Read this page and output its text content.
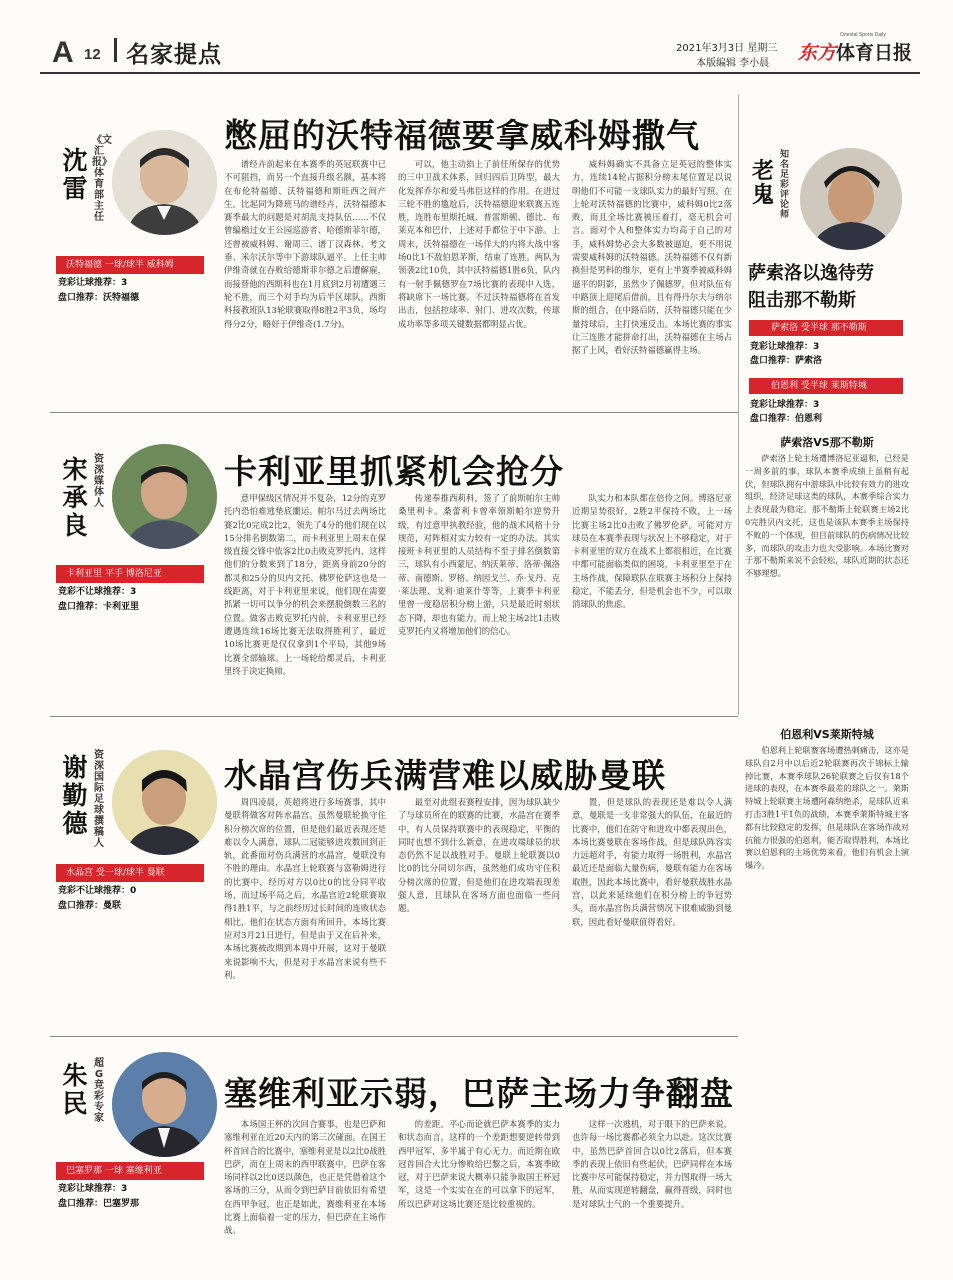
A 12 名家提点	2021年3月3日 星期三
本版编辑 李小晨 东方体育日报
Oriental Sports Daily
沈雷
《文汇报》体育部主任
沃特福德 一球/球半 威科姆
竞彩让球推荐：3
盘口推荐：沃特福德
憋屈的沃特福德要拿威科姆撒气

谱经卉前起来在本赛季的英冠联赛中已不可阻挡，而另一个直接升级名额，基本将在布伦特福德、沃特福德和斯旺西之间产生。比起同为降班马的谱经卉，沃特福德本赛季最大的问题是对胡乱支持队伍……不仅曾编檐过女王公园巡游者、哈德斯菲尔德，还曾被威科姆、谢周三、谱丁汉森林、考文垂、米尔沃尔等中下游球队逼平。上任主帅伊维奇就在吞败给德斯菲尔德之后遭解雇，而接替他的西斯科也在1月底到2月初遭遇三轮不胜，而三个对手均为后半区球队。西斯科接教班队13轮联赛取得8胜2平3负，场均得分2分，略好于伊维奇(1.7分)。

可以，他主动掐上了前任所保存的优势的三中卫战术体系，回归四后卫阵型，最大化发挥乔尔和爱马弗臣这样的作用。在进过三轮不胜的尴尬后，沃特福德迎来联赛五连胜，连胜布里斯托城、普雷斯顿、德比、布莱克本和巴什，上述对手都位于中下游。上周末，沃特福德在一场佯大的内将大战中客场0比1不敌伯恩茅斯，结束了连胜。两队为领袭2比10负，其中沃特福德1胜6负，队内有一射手佩德罗在7场比赛的表现中入选，将缺席下一场比赛。不过沃特福德将在首发出击，包括控球率、射门、进攻次数，传球成功率等多项关键数据都明显占优。

威科姆确实不具备立足英冠的整体实力，连续14轮占据积分榜末尾位置足以说明他们不可能一支球队实力的最好写照。在上轮对沃特福德的比赛中，威科姆0比2落败，而且全场比赛被压着打，毫无机会可言。面对个人和整体实力均高于自己的对手，威科姆势必会大多数被逼迫，更不用说需要威科姆的沃特福德。沃特福德不仅有新换但是男科的维尔，更有上半赛季被威科姆逼平的阴影，虽然少了佩德罗，但对队伍有中路顶上迎尾后借前，且有得丹尔夫与纳尔斯的组合，在中路后防，沃特福德只能在少量持球后，主打快速反击。本场比赛的事实让三连胜才能拼命打出，沃特福德在主场占据了上风，看好沃特福德赢得主场。

宋承良
资深媒体人
卡利亚里 平手 博洛尼亚
竞彩不让球推荐：3
盘口推荐：卡利亚里
卡利亚里抓紧机会抢分

意甲保级区情况并不复杂，12分的克罗托内恐怕难逃垫底噩运。帕尔马过去两场比赛2比0完成2比2，领先了4分的他们现在以15分排名倒数第二，而卡利亚里上周末在保级直接交锋中依客2比0击败克罗托内，这样他们的分数来到了18分，距离身前20分的都灵和25分的贝内文托、佛罗伦萨这也是一线距离，对于卡利亚里来说，他们现在需要抓紧一切可以争分的机会来摆脱倒数三名的位置。做客击败克罗托内前，卡利亚里已经遭遇连续16场比赛无法取得胜利了，最近10场比赛更是仅仅拿到1个平局，其他9场比赛全部输球。上一场轮给都灵后，卡利亚里终于决定换帅。

传递奉推西莉科，签了了前斯帕尔主帅桑里利卡。桑蕾利卡曾率领斯帕尔逆势升级，有过意甲执教经验，他的战术风格十分规范，对阵相对实力较有一定的办法。其实接班卡利亚里的人员结构不至于排名倒数第三，球队有小西蒙尼、纳沃莱蒂、洛蒂·佩洛蒂、南德斯、罗格、纳因戈兰、乔·戈丹、克·莱法理、戈利·迪莱什等等，上赛季卡利亚里曾一度稳居积分榜上游，只是最近时刻状态下降，却也有能力，而上轮主场2比1击败克罗托内又将增加他们的信心。

队实力和本队都在倍伶之间。博洛尼亚近期呈势很好，2胜2平保持不败，上一场比赛主场2比0击败了佛罗伦萨。可能对方球员在本赛季表现与状况上不够稳定，对于卡利亚里的双方在战术上都很相近，在比赛中都可能面临类似的困境，卡利亚里至于在主场作战，保障联队在联赛主场积分上保持稳定，不能丢分，但是机会也不少，可以取消球队的焦虑。

谢勤德
资深国际足球撰稿人
水晶宫 受一球/球半 曼联
竞彩不让球推荐：0
盘口推荐：曼联
水晶宫伤兵满营难以威胁曼联

周四凌晨，英超将进行多场赛事，其中曼联将做客对阵水晶宫。虽然曼联轮换守住积分榜次席的位置，但是他们最近表现还是难以令人满意，球队二冠能够进攻数回到正轨，此番面对伤兵满营的水晶宫，曼联没有不胜的理由。水晶宫上轮联赛与富勒姆进行的比赛中，经历对方以0比0的比分同平收场，而过场平局之后，水晶宫近2轮联赛取得1胜1平，与之前经历过长时间的连败状态相比，他们在状态方面有所回升，本场比赛应对3月21日进行，但是由于又在后补来，本场比赛被改期到本周中开展，这对于曼联来说影响不大，但是对于水晶宫来说有些不利。

最至对此组表赛程安排，因为球队缺少了与球员所在的联赛的比赛，水晶宫在赛季中，有人员保持联赛中的表现稳定，平衡的同时也想不到什么新意，在进攻端球员的状态仍然不足以战胜对手。曼联上轮联赛以0比0的比分同切尔西，虽然他们成功守住积分榜次席的位置，但是他们在进攻端表现差强人意，且球队在客场方面也面临一些问题。

置，但是球队的表现还是难以令人满意，曼联是一支非常强大的队伍，在最近的比赛中，他们在防守和进攻中都表现出色，本场比赛曼联在客场作战，但是球队阵容实力远超对手，有能力取得一场胜利，水晶宫最近还是面临大量伤病，曼联有能力在客场取胜，因此本场比赛中，看好曼联战胜水晶宫，以此来延续他们在积分榜上的争冠势头，而水晶宫伤兵满营情况下很难威胁到曼联，因此看好曼联值得看好。

朱民
超G竞彩专家
巴塞罗那 一球 塞维利亚
竞彩让球推荐：3
盘口推荐：巴塞罗那
塞维利亚示弱，巴萨主场力争翻盘

本场国王杯的次回合赛事，也是巴萨和塞维利亚在近20天内的第三次碰面。在国王杯首回合的比赛中，塞维利亚是以2比0战胜巴萨，而在上周末的西甲联赛中，巴萨在客场同样以2比0送以颜色，也正是凭借着这个客场的三分，从而令到巴萨目前依旧有希望在西甲争冠，也正是如此，赛维利亚在本场比赛上面临着一定的压力，但巴萨在主场作战。

的差距。平心而论就巴萨本赛季的实力和状态而言，这样的一个差距想要逆转带到西甲冠军，多半属于有心无力。而近期在欧冠首回合大比分惨败给巴黎之后，本赛季欧冠，对于巴萨来说大概率只能争取国王杯冠军，这是一个实实在在的可以拿下的冠军，所以巴萨对这场比赛还是比较重视的。

这样一次逃机，对于眼下的巴萨来说，也许每一场比赛都必须全力以赴。这次比赛中，虽然巴萨首回合以0比2落后，但本赛季的表现上依旧有些起伏，巴萨同样在本场比赛中尽可能保持稳定，并力图取得一场大胜，从而实现逆转翻盘，赢得晋级，同时也是对球队士气的一个重要提升。

老鬼
知名足彩评论师
萨索洛以逸待劳
阻击那不勒斯
萨索洛 受半球 那不勒斯
竞彩让球推荐：3
盘口推荐：萨索洛
伯恩利 受半球 莱斯特城
竞彩让球推荐：3
盘口推荐：伯恩利
萨索洛VS那不勒斯

萨索洛上轮主场遭博洛尼亚逼和，已经是一周多前的事，球队本赛季成绩上虽稍有起伏，但球队拥有中游球队中比较有效力的进攻组织，经济足球这类的球队，本赛季综合实力上表现最为稳定。那不勒斯上轮联赛主场2比0完胜贝内文托，这也是该队本赛季主场保持不败的一个体现，但目前球队的伤病情况比较多，而球队的攻击力也大受影响。本场比赛对于那不勒斯来说不会轻松，球队近期的状态还不够理想。

伯恩利VS莱斯特城

伯恩利上轮联赛客场遭热刺痛击，这亦是球队自2月中以后近2轮联赛再次于锦标上输掉比赛，本赛季球队26轮联赛之后仅有18个进球的表现，在本赛季最差的球队之一。莱斯特城上轮联赛主场遭阿森纳绝杀，是球队近来打击3胜1平1负的战绩，本赛季莱斯特城主客都有比较稳定的发挥，但是球队在客场作战对抗能力很强的伯恩利，能否取得胜利，本场比赛以伯恩利的主场优势来看，他们有机会上演爆冷。
